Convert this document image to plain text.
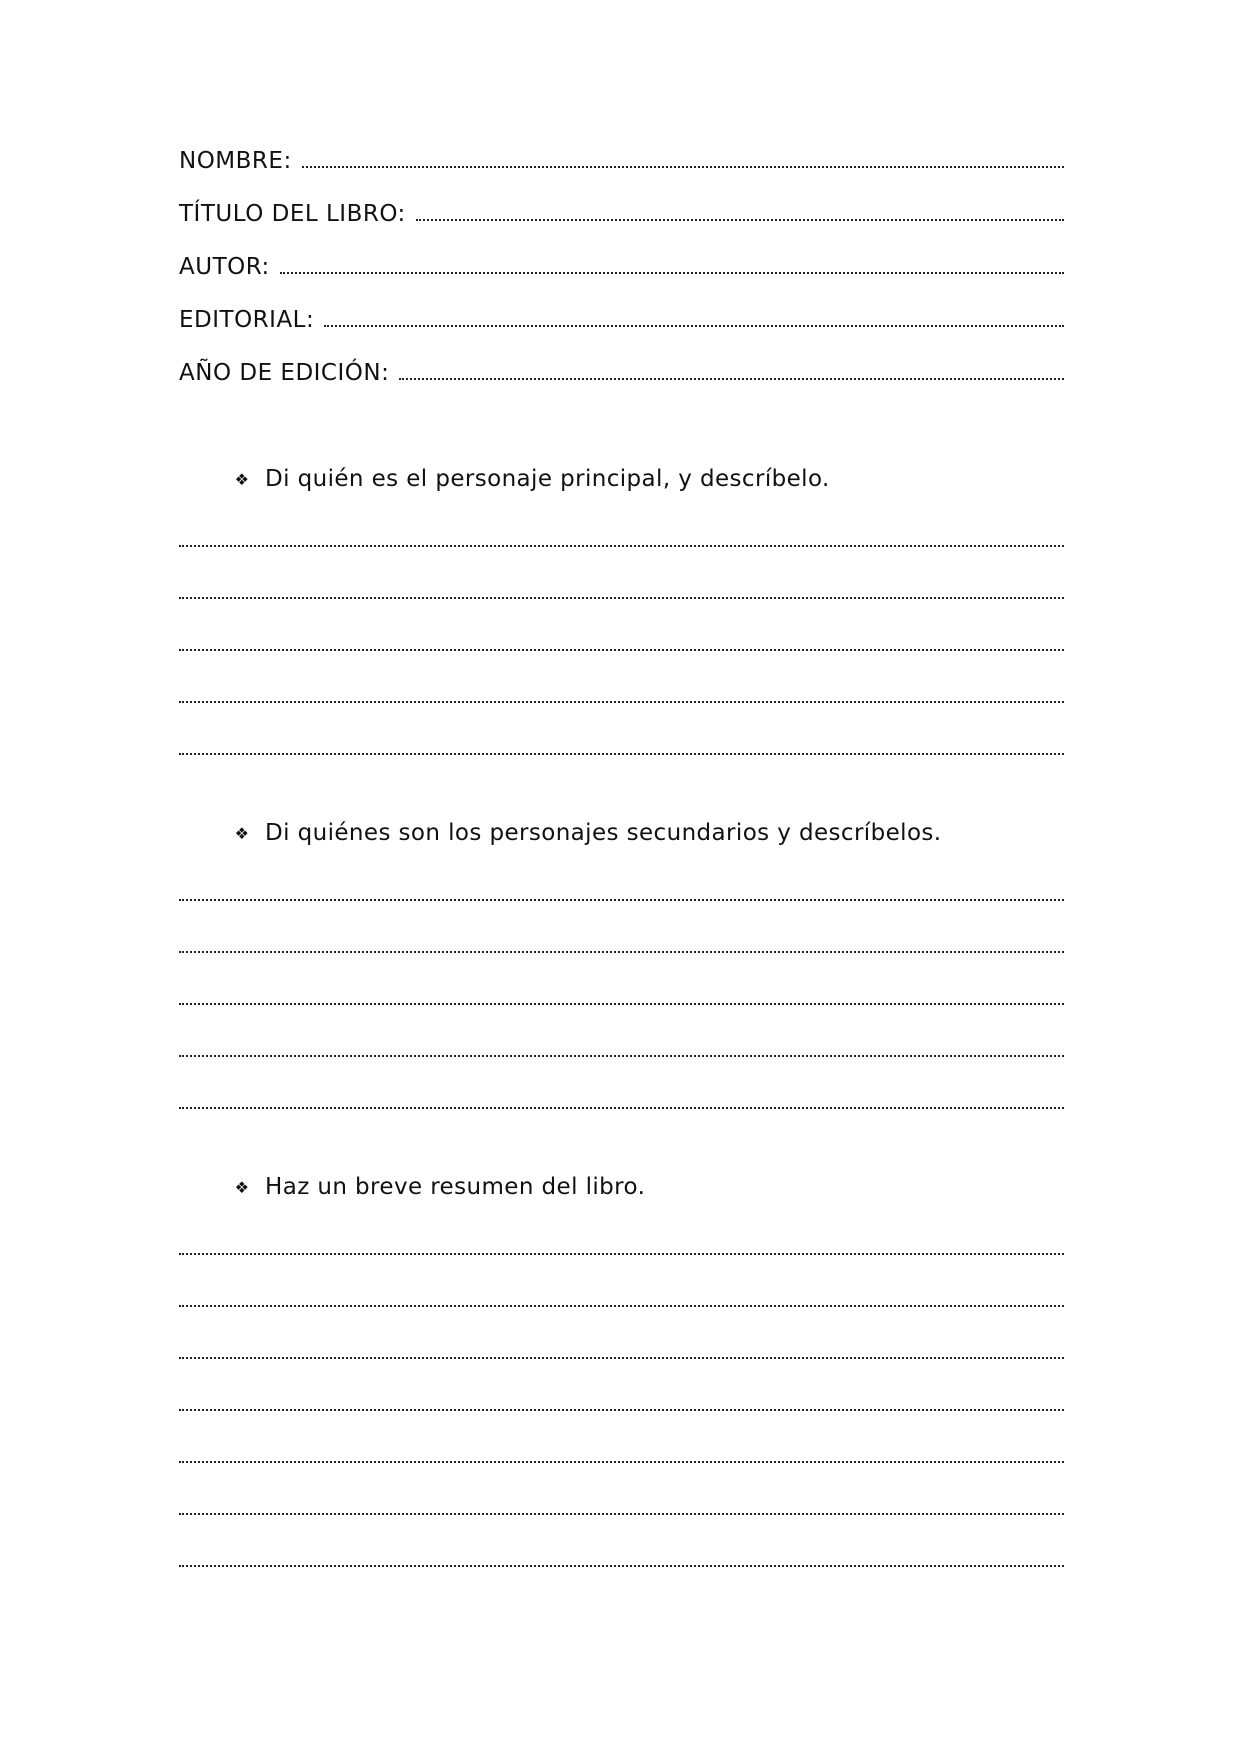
NOMBRE:
TÍTULO DEL LIBRO:
AUTOR:
EDITORIAL:
AÑO DE EDICIÓN:
❖ Di quién es el personaje principal, y descríbelo.
❖ Di quiénes son los personajes secundarios y descríbelos.
❖ Haz un breve resumen del libro.
